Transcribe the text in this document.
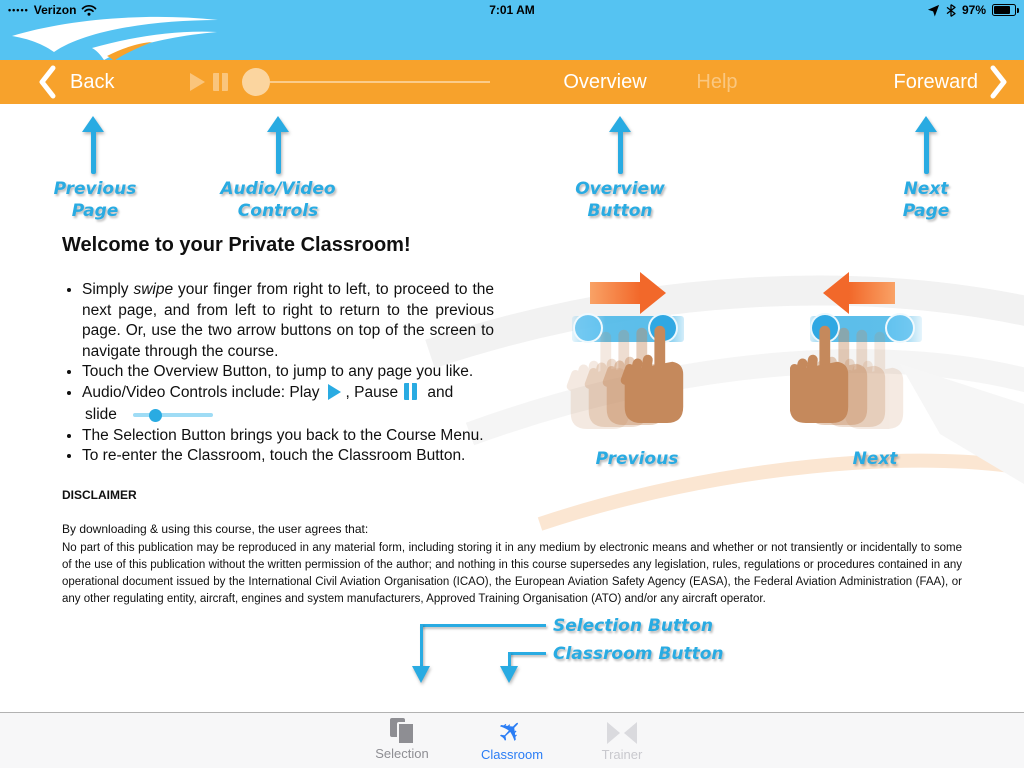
••••• Verizon	7:01 AM	97%
Back	Overview	Help	Foreward
Previous
Page
Audio/Video
Controls
Overview
Button
Next
Page
Welcome to your Private Classroom!
• Simply swipe your finger from right to left, to proceed to the next page, and from left to right to return to the previous page. Or, use the two arrow buttons on top of the screen to navigate through the course.
• Touch the Overview Button, to jump to any page you like.
• Audio/Video Controls include: Play , Pause and
slide
• The Selection Button brings you back to the Course Menu.
• To re-enter the Classroom, touch the Classroom Button.	Previous	Next
DISCLAIMER
By downloading & using this course, the user agrees that:
No part of this publication may be reproduced in any material form, including storing it in any medium by electronic means and whether or not transiently or incidentally to some of the use of this publication without the written permission of the author; and nothing in this course supersedes any legislation, rules, regulations or procedures contained in any operational document issued by the International Civil Aviation Organisation (ICAO), the European Aviation Safety Agency (EASA), the Federal Aviation Administration (FAA), or any other regulating entity, aircraft, engines and system manufacturers, Approved Training Organisation (ATO) and/or any aircraft operator.
Selection Button
Classroom Button
Selection
✈
Classroom	Trainer
